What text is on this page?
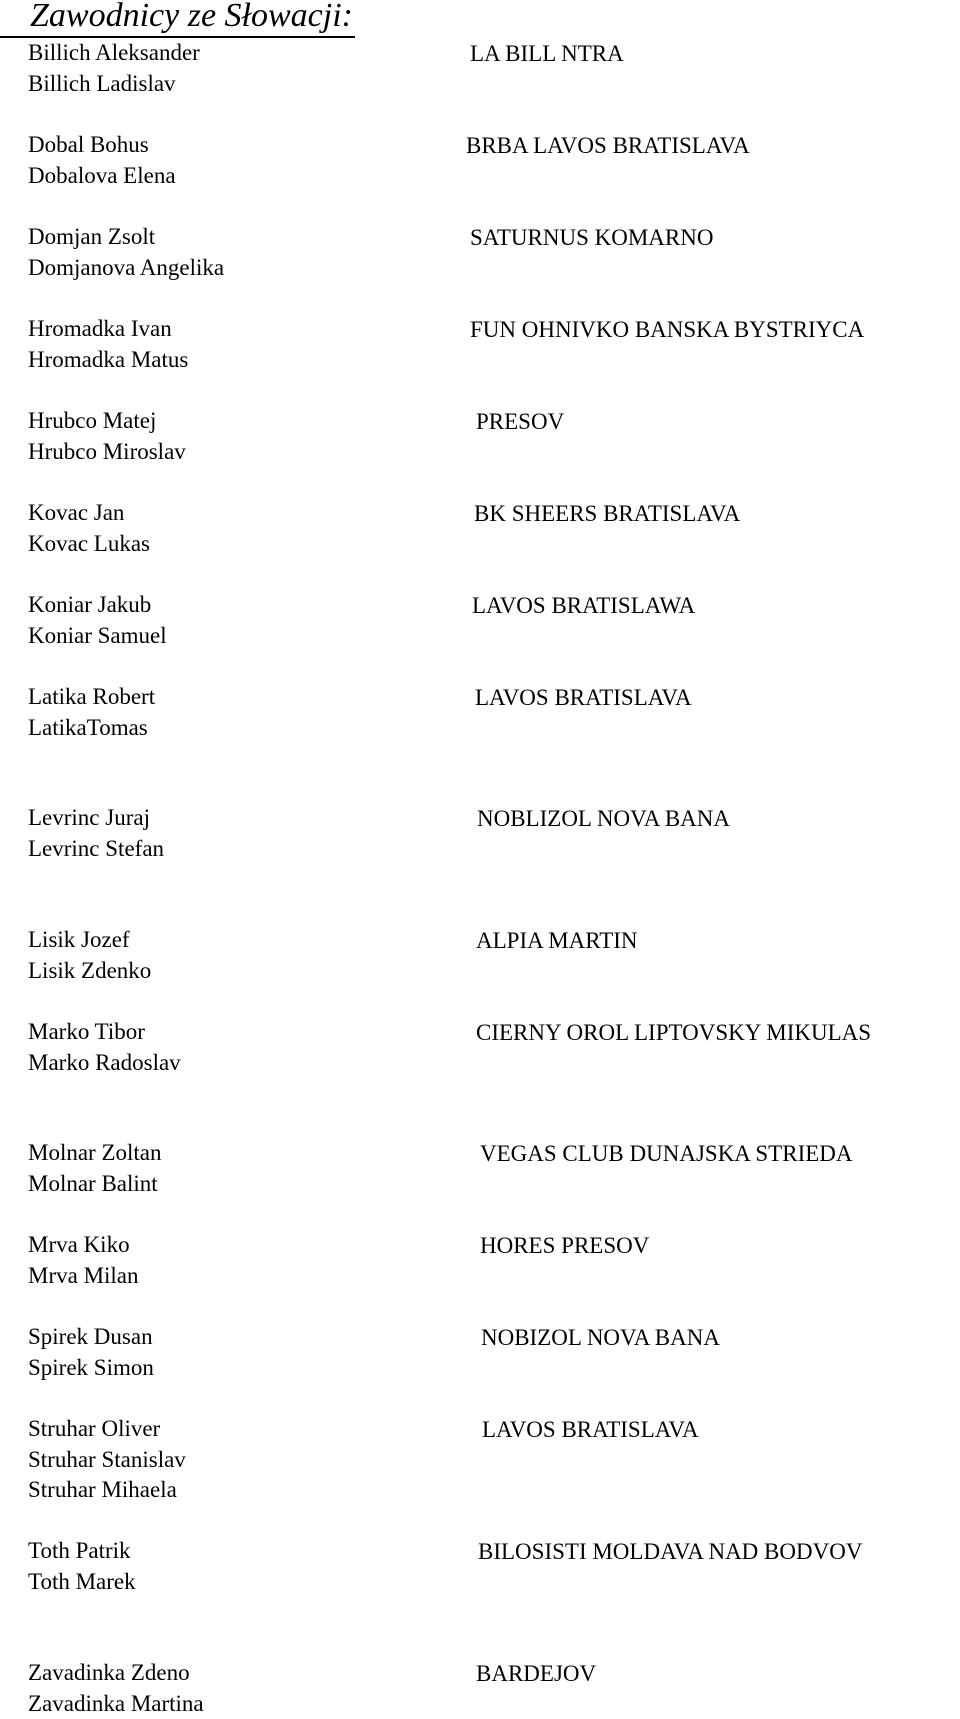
Zawodnicy ze Słowacji:
Billich Aleksander
Billich Ladislav
LA BILL NTRA
Dobal Bohus
Dobalova Elena
BRBA LAVOS BRATISLAVA
Domjan Zsolt
Domjanova Angelika
SATURNUS KOMARNO
Hromadka Ivan
Hromadka Matus
FUN OHNIVKO BANSKA BYSTRIYCA
Hrubco Matej
Hrubco Miroslav
PRESOV
Kovac Jan
Kovac Lukas
BK SHEERS BRATISLAVA
Koniar Jakub
Koniar Samuel
LAVOS BRATISLAWA
Latika Robert
LatikaTomas
LAVOS BRATISLAVA
Levrinc Juraj
Levrinc Stefan
NOBLIZOL NOVA BANA
Lisik Jozef
Lisik Zdenko
ALPIA MARTIN
Marko Tibor
Marko Radoslav
CIERNY OROL LIPTOVSKY MIKULAS
Molnar Zoltan
Molnar Balint
VEGAS CLUB DUNAJSKA STRIEDA
Mrva Kiko
Mrva Milan
HORES PRESOV
Spirek Dusan
Spirek Simon
NOBIZOL NOVA BANA
Struhar Oliver
Struhar Stanislav
Struhar Mihaela
LAVOS BRATISLAVA
Toth Patrik
Toth Marek
BILOSISTI MOLDAVA NAD BODVOV
Zavadinka Zdeno
Zavadinka Martina
BARDEJOV
